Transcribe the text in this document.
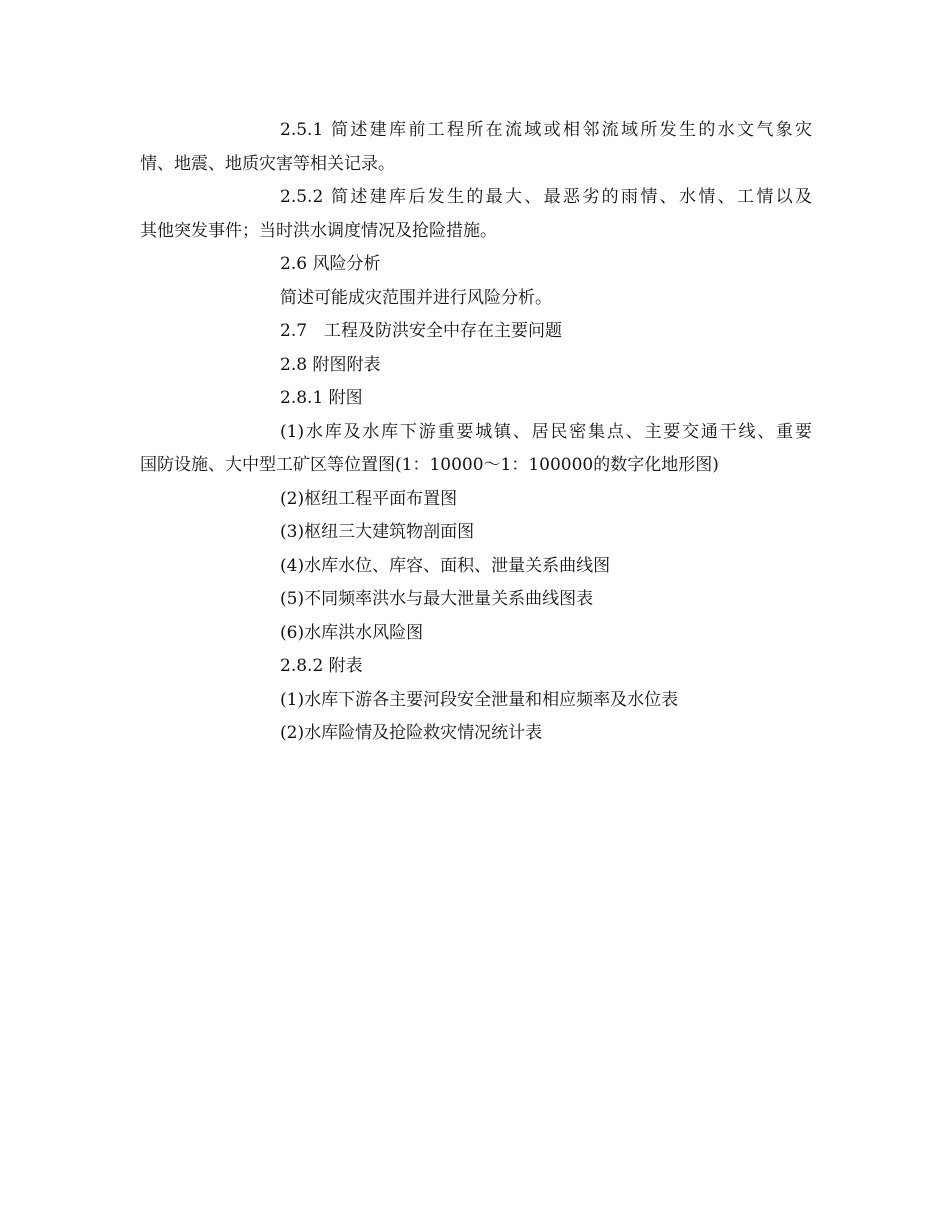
2.5.1 简述建库前工程所在流域或相邻流域所发生的水文气象灾
情、地震、地质灾害等相关记录。
2.5.2 简述建库后发生的最大、最恶劣的雨情、水情、工情以及
其他突发事件；当时洪水调度情况及抢险措施。
2.6 风险分析
简述可能成灾范围并进行风险分析。
2.7　工程及防洪安全中存在主要问题
2.8 附图附表
2.8.1 附图
(1)水库及水库下游重要城镇、居民密集点、主要交通干线、重要
国防设施、大中型工矿区等位置图(1：10000～1：100000的数字化地形图)
(2)枢纽工程平面布置图
(3)枢纽三大建筑物剖面图
(4)水库水位、库容、面积、泄量关系曲线图
(5)不同频率洪水与最大泄量关系曲线图表
(6)水库洪水风险图
2.8.2 附表
(1)水库下游各主要河段安全泄量和相应频率及水位表
(2)水库险情及抢险救灾情况统计表
